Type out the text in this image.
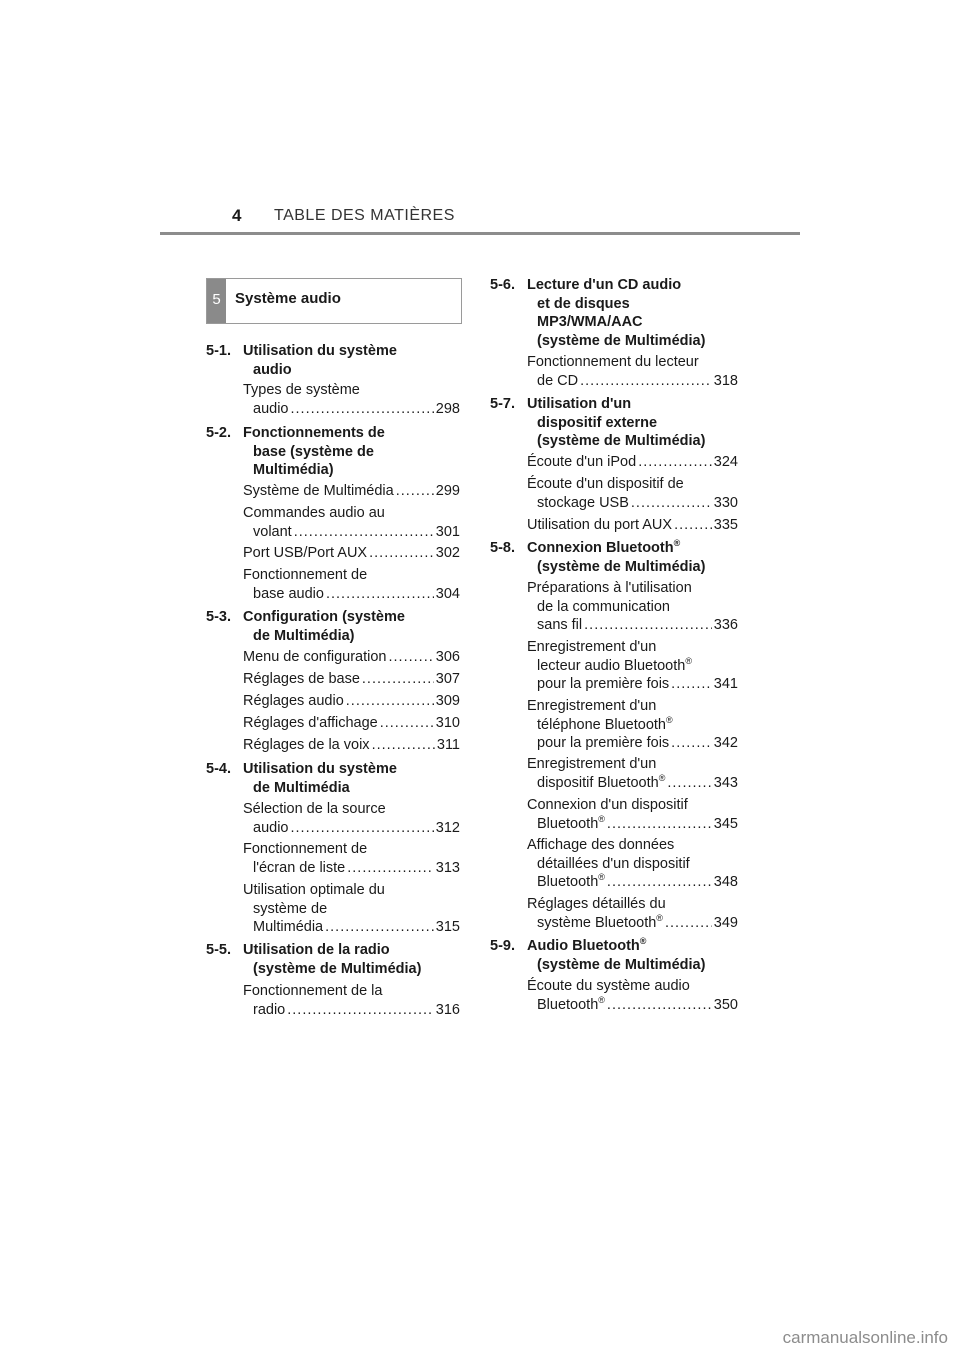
4 TABLE DES MATIÈRES
5 Système audio
5-1. Utilisation du système
audio
Types de système
audio .....	298
5-2. Fonctionnements de
base (système de
Multimédia)
Système de Multimédia .....	299
Commandes audio au
volant .....	301
Port USB/Port AUX .....	302
Fonctionnement de
base audio .....	304
5-3. Configuration (système
de Multimédia)
Menu de configuration .....	306
Réglages de base .....	307
Réglages audio .....	309
Réglages d'affichage .....	310
Réglages de la voix .....	311
5-4. Utilisation du système
de Multimédia
Sélection de la source
audio .....	312
Fonctionnement de
l'écran de liste .....	313
Utilisation optimale du
système de
Multimédia .....	315
5-5. Utilisation de la radio
(système de Multimédia)
Fonctionnement de la
radio .....	316
5-6. Lecture d'un CD audio
et de disques
MP3/WMA/AAC
(système de Multimédia)
Fonctionnement du lecteur
de CD .....	318
5-7. Utilisation d'un
dispositif externe
(système de Multimédia)
Écoute d'un iPod .....	324
Écoute d'un dispositif de
stockage USB .....	330
Utilisation du port AUX .....	335
5-8. Connexion Bluetooth®
(système de Multimédia)
Préparations à l'utilisation
de la communication
sans fil .....	336
Enregistrement d'un
lecteur audio Bluetooth®
pour la première fois .....	341
Enregistrement d'un
téléphone Bluetooth®
pour la première fois .....	342
Enregistrement d'un
dispositif Bluetooth® .....	343
Connexion d'un dispositif
Bluetooth® .....	345
Affichage des données
détaillées d'un dispositif
Bluetooth® .....	348
Réglages détaillés du
système Bluetooth® .....	349
5-9. Audio Bluetooth®
(système de Multimédia)
Écoute du système audio
Bluetooth® .....	350
carmanualsonline.info
